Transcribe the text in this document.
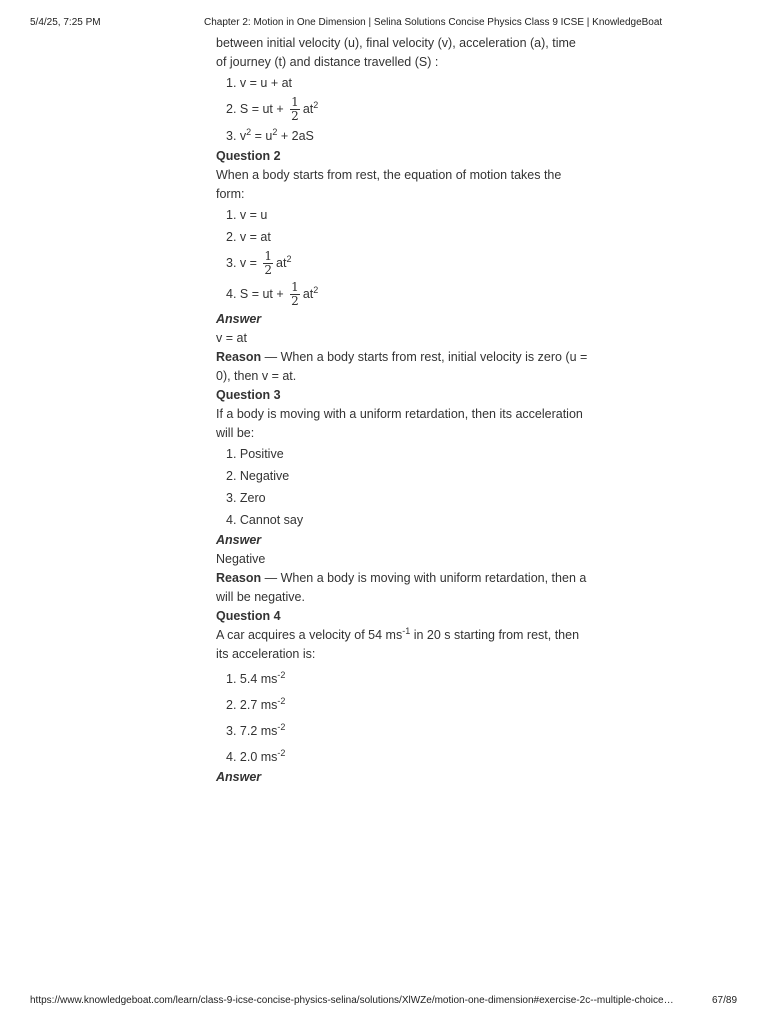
5/4/25, 7:25 PM	Chapter 2: Motion in One Dimension | Selina Solutions Concise Physics Class 9 ICSE | KnowledgeBoat

between initial velocity (u), final velocity (v), acceleration (a), time of journey (t) and distance travelled (S) :

1. v = u + at
2. S = ut + $\frac{1}{2} at^2$
3. $v^2 = u^2 + 2aS$

Question 2

When a body starts from rest, the equation of motion takes the form:

1. v = u
2. v = at
3. $v = \frac{1}{2} at^2$
4. S = ut + $\frac{1}{2} at^2$

Answer

v = at

Reason — When a body starts from rest, initial velocity is zero (u = 0), then v = at.

Question 3

If a body is moving with a uniform retardation, then its acceleration will be:

1. Positive
2. Negative
3. Zero
4. Cannot say

Answer

Negative

Reason — When a body is moving with uniform retardation, then a will be negative.

Question 4

A car acquires a velocity of 54 $ms^{-1}$ in 20 s starting from rest, then its acceleration is:

1. 5.4 $ms^{-2}$
2. 2.7 $ms^{-2}$
3. 7.2 $ms^{-2}$
4. 2.0 $ms^{-2}$

Answer

https://www.knowledgeboat.com/learn/class-9-icse-concise-physics-selina/solutions/XlWZe/motion-one-dimension#exercise-2c--multiple-choice…	67/89
